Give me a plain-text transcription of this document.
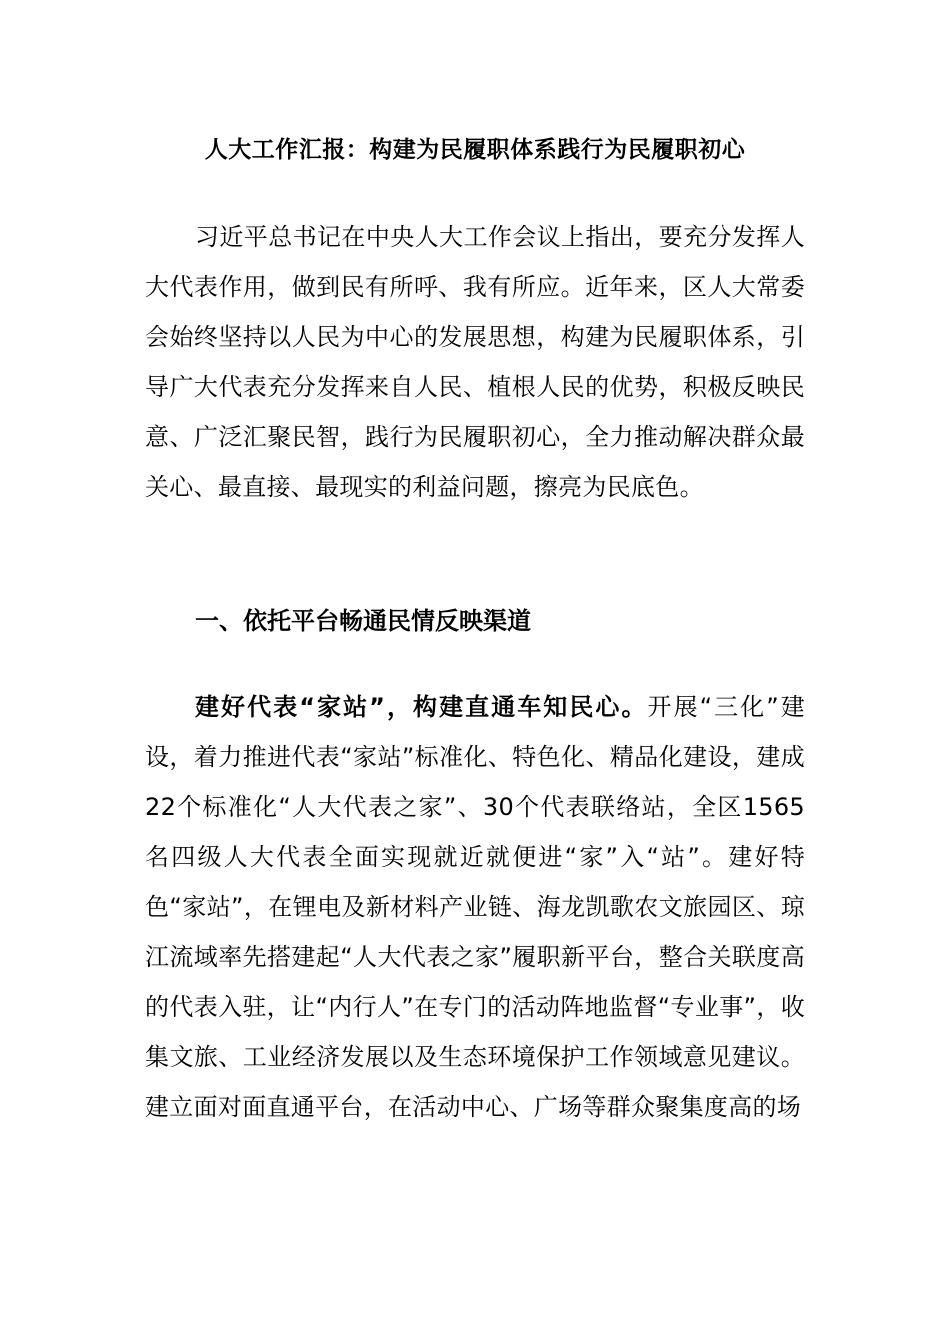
人大工作汇报：构建为民履职体系践行为民履职初心

习近平总书记在中央人大工作会议上指出，要充分发挥人大代表作用，做到民有所呼、我有所应。近年来，区人大常委会始终坚持以人民为中心的发展思想，构建为民履职体系，引导广大代表充分发挥来自人民、植根人民的优势，积极反映民意、广泛汇聚民智，践行为民履职初心，全力推动解决群众最关心、最直接、最现实的利益问题，擦亮为民底色。

一、依托平台畅通民情反映渠道

建好代表“家站”，构建直通车知民心。开展“三化”建设，着力推进代表“家站”标准化、特色化、精品化建设，建成22个标准化“人大代表之家”、30个代表联络站，全区1565名四级人大代表全面实现就近就便进“家”入“站”。建好特色“家站”，在锂电及新材料产业链、海龙凯歌农文旅园区、琼江流域率先搭建起“人大代表之家”履职新平台，整合关联度高的代表入驻，让“内行人”在专门的活动阵地监督“专业事”，收集文旅、工业经济发展以及生态环境保护工作领域意见建议。建立面对面直通平台，在活动中心、广场等群众聚集度高的场
